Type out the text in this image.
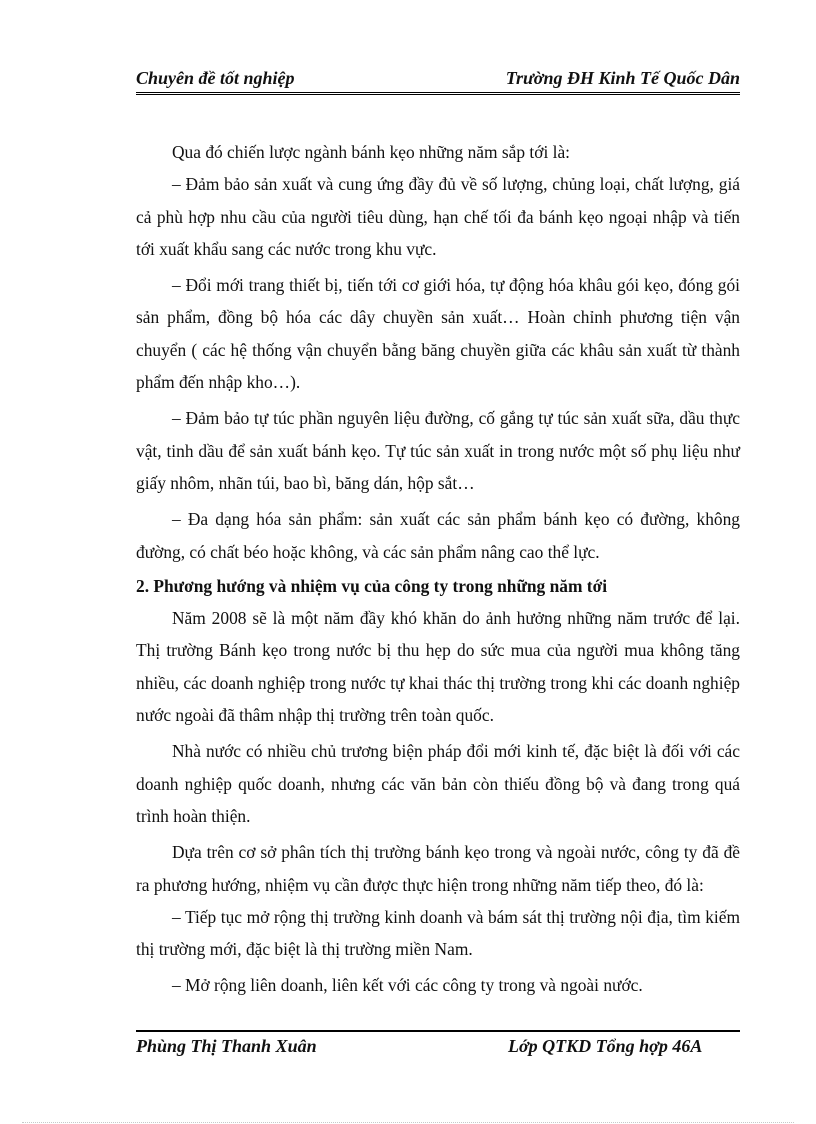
Chuyên đề tốt nghiệp	Trường ĐH Kinh Tế Quốc Dân

Qua đó chiến lược ngành bánh kẹo những năm sắp tới là:

– Đảm bảo sản xuất và cung ứng đầy đủ về số lượng, chủng loại, chất lượng, giá cả phù hợp nhu cầu của người tiêu dùng, hạn chế tối đa bánh kẹo ngoại nhập và tiến tới xuất khẩu sang các nước trong khu vực.

– Đổi mới trang thiết bị, tiến tới cơ giới hóa, tự động hóa khâu gói kẹo, đóng gói sản phẩm, đồng bộ hóa các dây chuyền sản xuất… Hoàn chỉnh phương tiện vận chuyển ( các hệ thống vận chuyển bằng băng chuyền giữa các khâu sản xuất từ thành phẩm đến nhập kho…).

– Đảm bảo tự túc phần nguyên liệu đường, cố gắng tự túc sản xuất sữa, dầu thực vật, tinh dầu để sản xuất bánh kẹo. Tự túc sản xuất in trong nước một số phụ liệu như giấy nhôm, nhãn túi, bao bì, băng dán, hộp sắt…

– Đa dạng hóa sản phẩm: sản xuất các sản phẩm bánh kẹo có đường, không đường, có chất béo hoặc không, và các sản phẩm nâng cao thể lực.

2. Phương hướng và nhiệm vụ của công ty trong những năm tới

Năm 2008 sẽ là một năm đầy khó khăn do ảnh hưởng những năm trước để lại. Thị trường Bánh kẹo trong nước bị thu hẹp do sức mua của người mua không tăng nhiều, các doanh nghiệp trong nước tự khai thác thị trường trong khi các doanh nghiệp nước ngoài đã thâm nhập thị trường trên toàn quốc.

Nhà nước có nhiều chủ trương biện pháp đổi mới kinh tế, đặc biệt là đối với các doanh nghiệp quốc doanh, nhưng các văn bản còn thiếu đồng bộ và đang trong quá trình hoàn thiện.

Dựa trên cơ sở phân tích thị trường bánh kẹo trong và ngoài nước, công ty đã đề ra phương hướng, nhiệm vụ cần được thực hiện trong những năm tiếp theo, đó là:

– Tiếp tục mở rộng thị trường kinh doanh và bám sát thị trường nội địa, tìm kiếm thị trường mới, đặc biệt là thị trường miền Nam.

– Mở rộng liên doanh, liên kết với các công ty trong và ngoài nước.

Phùng Thị Thanh Xuân	Lớp QTKD Tổng hợp 46A
